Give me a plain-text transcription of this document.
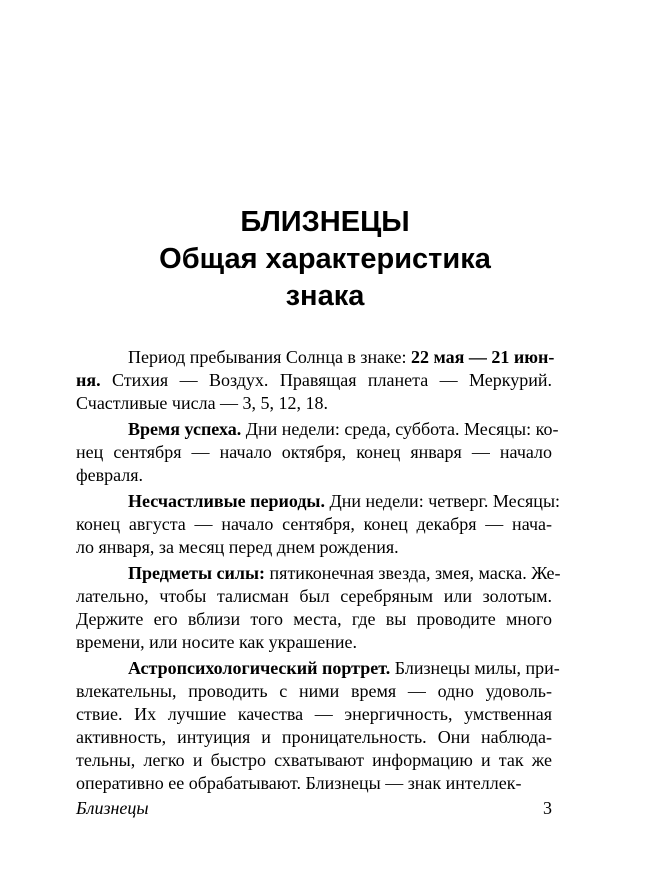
БЛИЗНЕЦЫ
Общая характеристика
знака
Период пребывания Солнца в знаке: 22 мая — 21 июн-
ня. Стихия — Воздух. Правящая планета — Меркурий.
Счастливые числа — 3, 5, 12, 18.
Время успеха. Дни недели: среда, суббота. Месяцы: ко-
нец сентября — начало октября, конец января — начало
февраля.
Несчастливые периоды. Дни недели: четверг. Месяцы:
конец августа — начало сентября, конец декабря — нача-
ло января, за месяц перед днем рождения.
Предметы силы: пятиконечная звезда, змея, маска. Же-
лательно, чтобы талисман был серебряным или золотым.
Держите его вблизи того места, где вы проводите много
времени, или носите как украшение.
Астропсихологический портрет. Близнецы милы, при-
влекательны, проводить с ними время — одно удоволь-
ствие. Их лучшие качества — энергичность, умственная
активность, интуиция и проницательность. Они наблюда-
тельны, легко и быстро схватывают информацию и так же
оперативно ее обрабатывают. Близнецы — знак интеллек-
Близнецы	3
